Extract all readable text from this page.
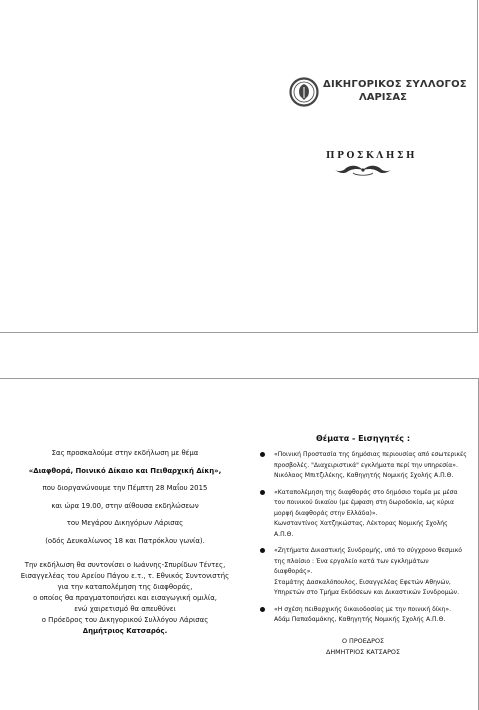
ΔΙΚΗΓΟΡΙΚΟΣ ΣΥΛΛΟΓΟΣ
ΛΑΡΙΣΑΣ
ΠΡΟΣΚΛΗΣΗ

Σας προσκαλούμε στην εκδήλωση με θέμα

«Διαφθορά, Ποινικό Δίκαιο και Πειθαρχική Δίκη»,

που διοργανώνουμε την Πέμπτη 28 Μαΐου 2015

και ώρα 19.00, στην αίθουσα εκδηλώσεων

του Μεγάρου Δικηγόρων Λάρισας

(οδός Δευκαλίωνος 18 και Πατρόκλου γωνία).

Την εκδήλωση θα συντονίσει ο Ιωάννης-Σπυρίδων Τέντες,

Εισαγγελέας του Αρείου Πάγου ε.τ., τ. Εθνικός Συντονιστής

για την καταπολέμηση της διαφθοράς,

ο οποίος θα πραγματοποιήσει και εισαγωγική ομιλία,

ενώ χαιρετισμό θα απευθύνει

ο Πρόεδρος του Δικηγορικού Συλλόγου Λάρισας

Δημήτριος Κατσαρός.

Θέματα - Εισηγητές :
«Ποινική Προστασία της δημόσιας περιουσίας από εσωτερικές
προσβολές. "Διαχειριστικά" εγκλήματα περί την υπηρεσία».
Νικόλαος Μπιτζιλέκης, Καθηγητής Νομικής Σχολής Α.Π.Θ.
«Καταπολέμηση της διαφθοράς στο δημόσιο τομέα με μέσα
του ποινικού δικαίου (με έμφαση στη δωροδοκία, ως κύρια
μορφή διαφθοράς στην Ελλάδα)».
Κωνσταντίνος Χατζηκώστας, Λέκτορας Νομικής Σχολής Α.Π.Θ.
«Ζητήματα Δικαστικής Συνδρομής, υπό το σύγχρονο θεσμικό
της πλαίσιο : Ένα εργαλείο κατά των εγκλημάτων διαφθοράς».
Σταμάτης Δασκαλόπουλος, Εισαγγελέας Εφετών Αθηνών,
Υπηρετών στο Τμήμα Εκδόσεων και Δικαστικών Συνδρομών.
«Η σχέση πειθαρχικής δικαιοδοσίας με την ποινική δίκη».
Αδάμ Παπαδαμάκης, Καθηγητής Νομικής Σχολής Α.Π.Θ.
Ο ΠΡΟΕΔΡΟΣ
ΔΗΜΗΤΡΙΟΣ ΚΑΤΣΑΡΟΣ
